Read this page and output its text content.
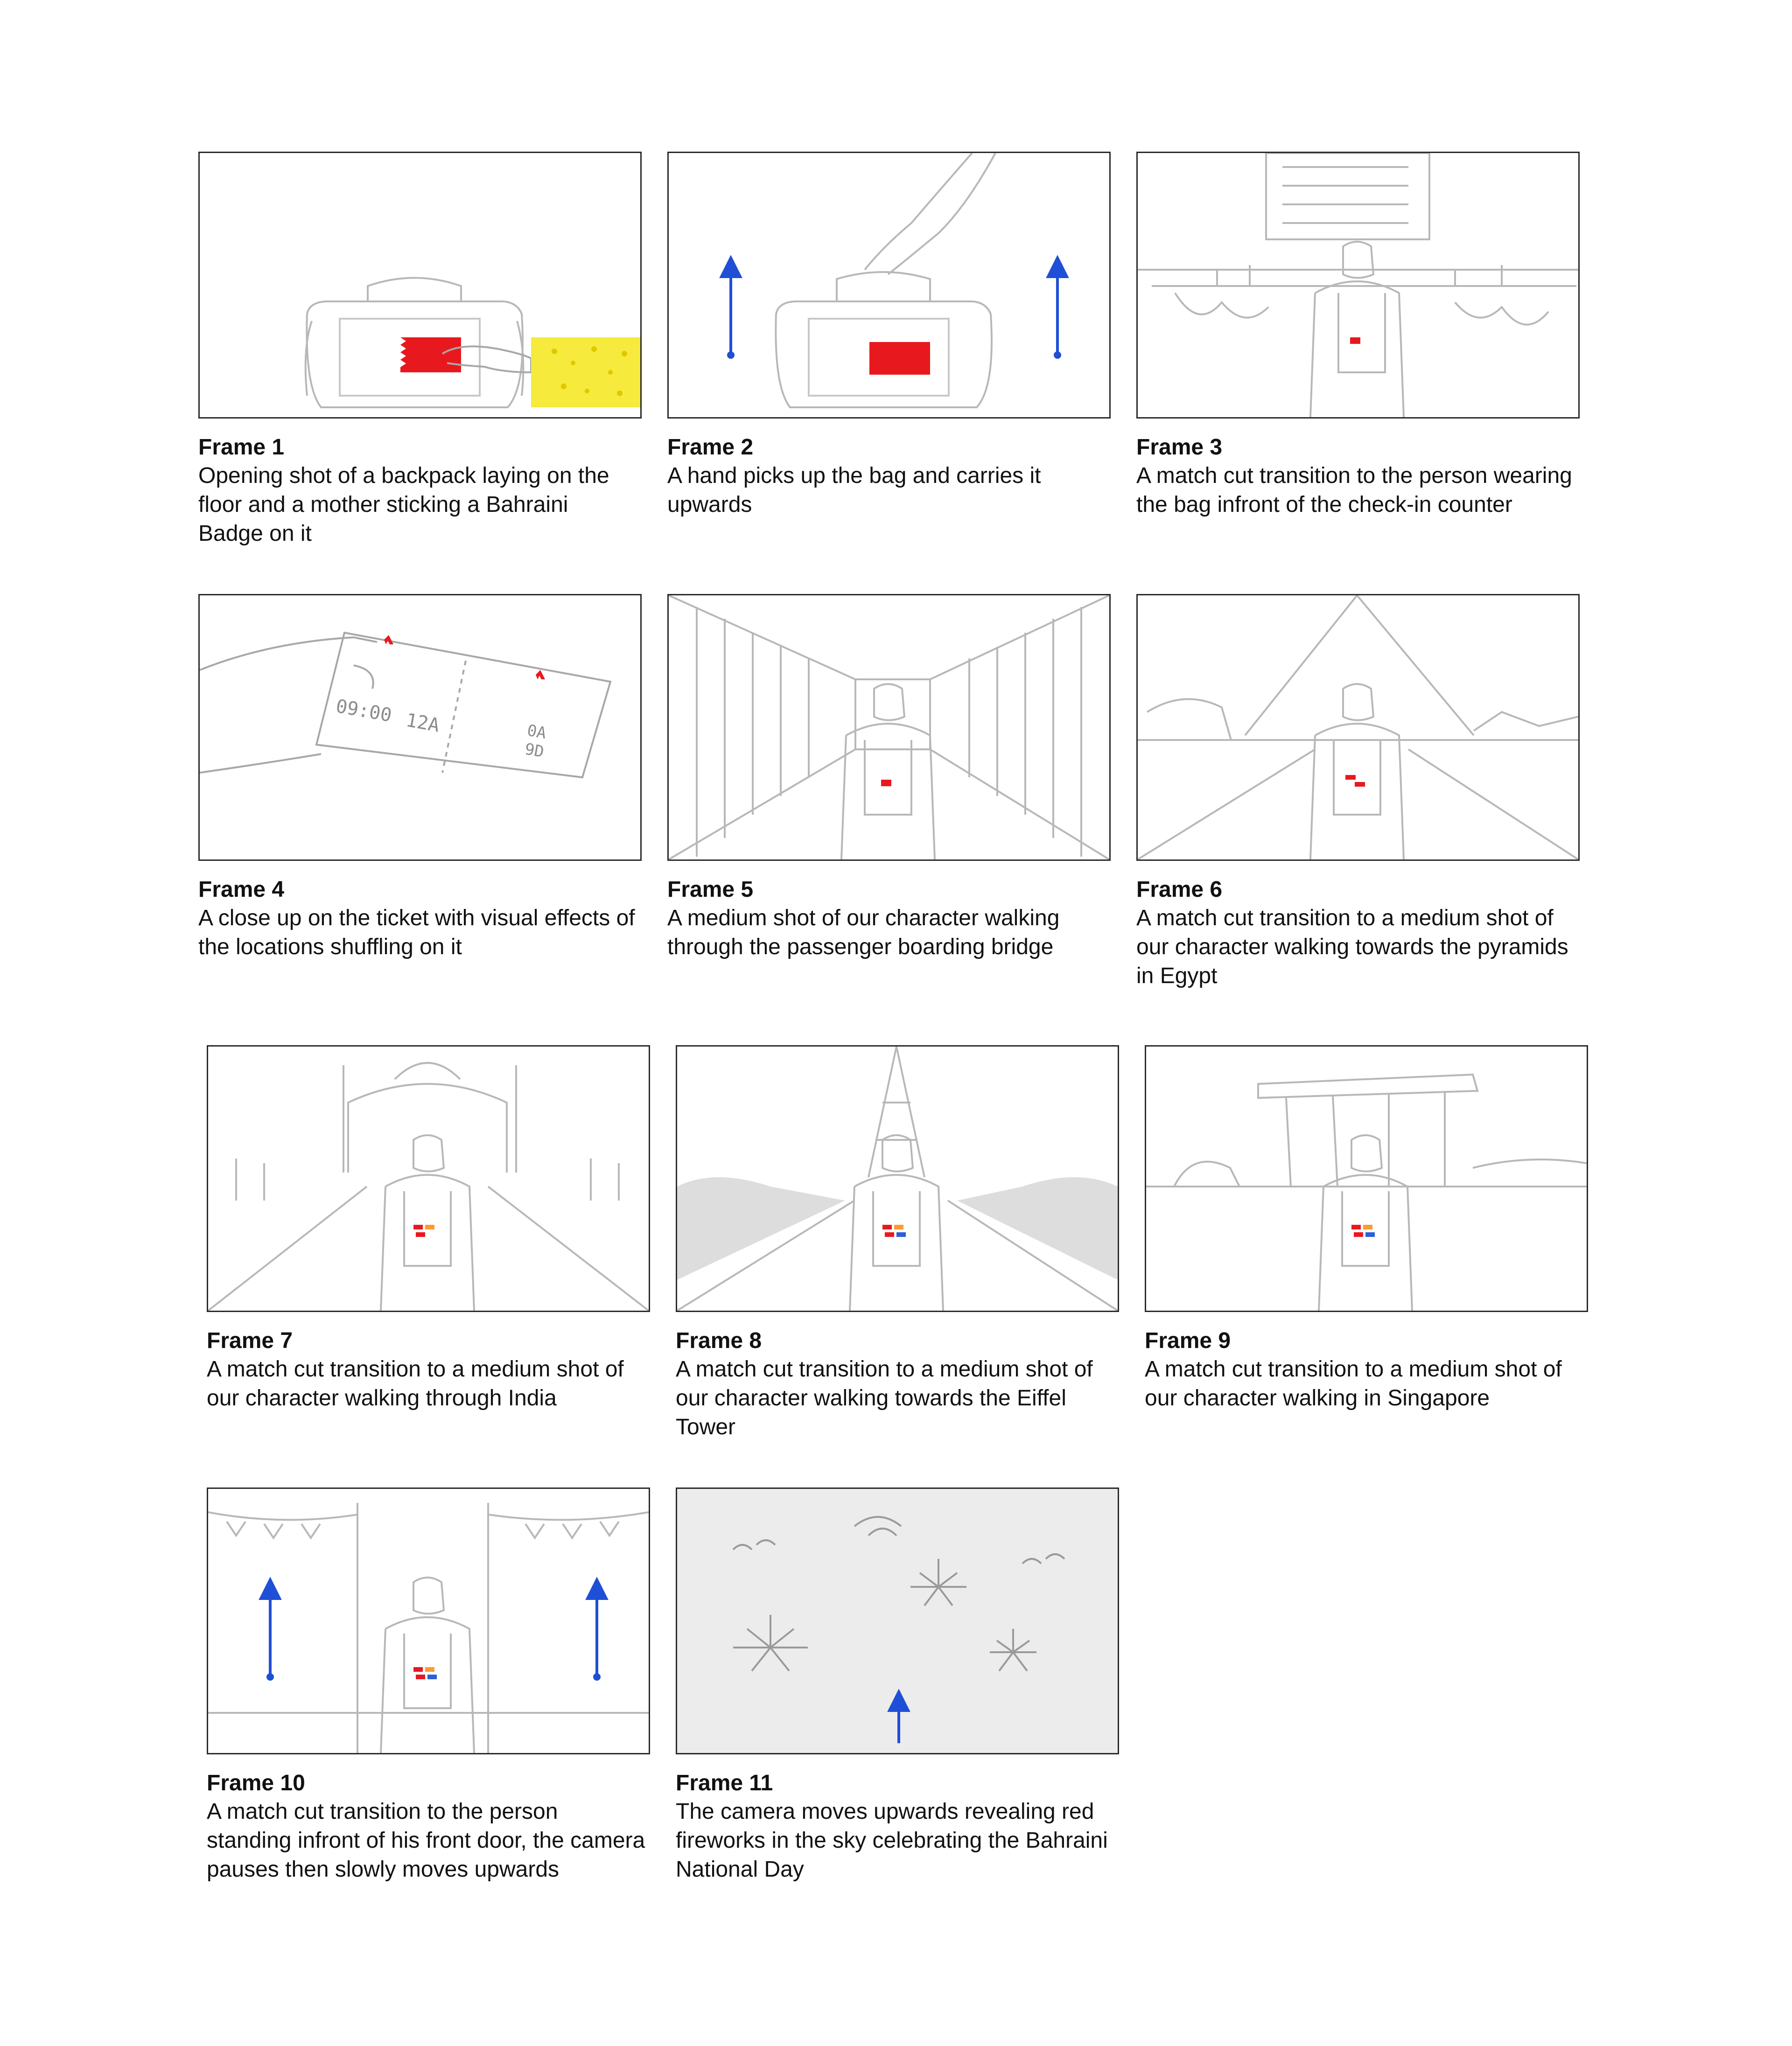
Frame 1

Opening shot of a backpack laying on the floor and a mother sticking a Bahraini Badge on it

Frame 2

A hand picks up the bag and carries it upwards

Frame 3

A match cut transition to the person wearing the bag infront of the check-in counter

09:00 12A	0A
9D
Frame 4

A close up on the ticket with visual effects of the locations shuffling on it

Frame 5

A medium shot of our character walking through the passenger boarding bridge

Frame 6

A match cut transition to a medium shot of our character walking towards the pyramids in Egypt

Frame 7

A match cut transition to a medium shot of our character walking through India

Frame 8

A match cut transition to a medium shot of our character walking towards the Eiffel Tower

Frame 9

A match cut transition to a medium shot of our character walking in Singapore

Frame 10

A match cut transition to the person standing infront of his front door, the camera pauses then slowly moves upwards

Frame 11

The camera moves upwards revealing red fireworks in the sky celebrating the Bahraini National Day
